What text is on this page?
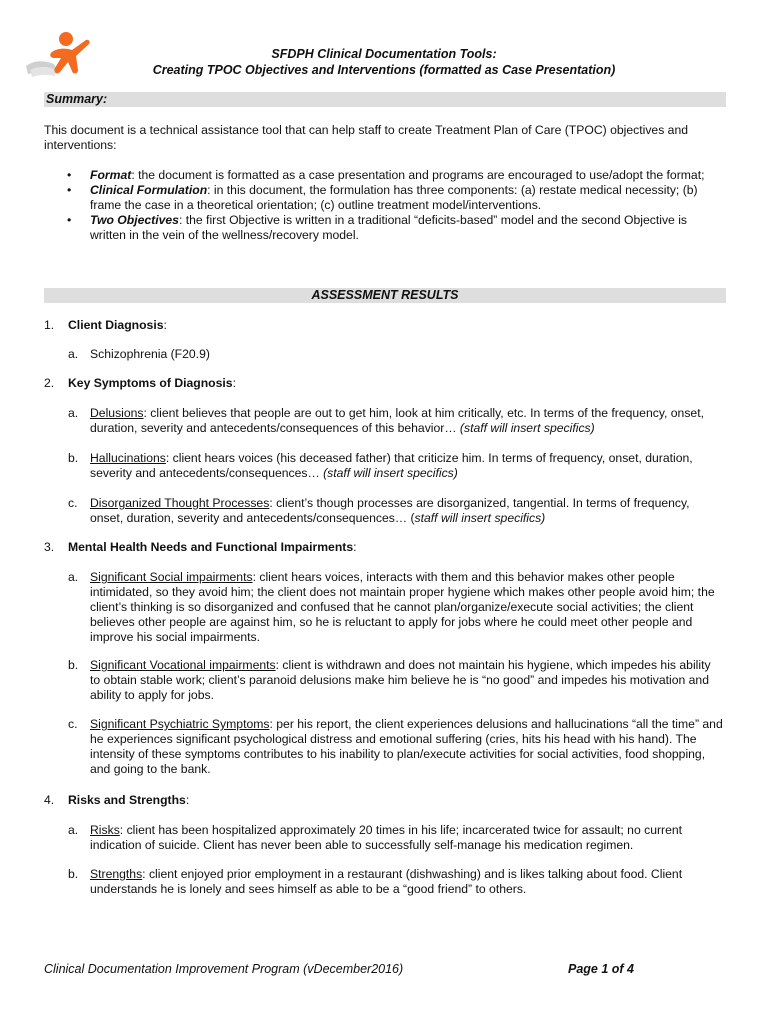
SFDPH Clinical Documentation Tools:
Creating TPOC Objectives and Interventions (formatted as Case Presentation)
Summary:
This document is a technical assistance tool that can help staff to create Treatment Plan of Care (TPOC) objectives and interventions:
• Format: the document is formatted as a case presentation and programs are encouraged to use/adopt the format;
• Clinical Formulation: in this document, the formulation has three components: (a) restate medical necessity; (b) frame the case in a theoretical orientation; (c) outline treatment model/interventions.
• Two Objectives: the first Objective is written in a traditional “deficits-based” model and the second Objective is written in the vein of the wellness/recovery model.
ASSESSMENT RESULTS
1.	Client Diagnosis:
a. Schizophrenia (F20.9)
2.	Key Symptoms of Diagnosis:
a. Delusions: client believes that people are out to get him, look at him critically, etc. In terms of the frequency, onset, duration, severity and antecedents/consequences of this behavior… (staff will insert specifics)
b. Hallucinations: client hears voices (his deceased father) that criticize him. In terms of frequency, onset, duration, severity and antecedents/consequences… (staff will insert specifics)
c.	Disorganized Thought Processes: client’s though processes are disorganized, tangential. In terms of frequency, onset, duration, severity and antecedents/consequences… (staff will insert specifics)
3.	Mental Health Needs and Functional Impairments:
a. Significant Social impairments: client hears voices, interacts with them and this behavior makes other people intimidated, so they avoid him; the client does not maintain proper hygiene which makes other people avoid him; the client’s thinking is so disorganized and confused that he cannot plan/organize/execute social activities; the client believes other people are against him, so he is reluctant to apply for jobs where he could meet other people and improve his social impairments.
b. Significant Vocational impairments: client is withdrawn and does not maintain his hygiene, which impedes his ability to obtain stable work; client’s paranoid delusions make him believe he is “no good” and impedes his motivation and ability to apply for jobs.
c.	Significant Psychiatric Symptoms: per his report, the client experiences delusions and hallucinations “all the time” and he experiences significant psychological distress and emotional suffering (cries, hits his head with his hand). The intensity of these symptoms contributes to his inability to plan/execute activities for social activities, food shopping, and going to the bank.
4.	Risks and Strengths:
a. Risks: client has been hospitalized approximately 20 times in his life; incarcerated twice for assault; no current indication of suicide. Client has never been able to successfully self-manage his medication regimen.
b. Strengths: client enjoyed prior employment in a restaurant (dishwashing) and is likes talking about food. Client understands he is lonely and sees himself as able to be a “good friend” to others.
Clinical Documentation Improvement Program (vDecember2016)	Page 1 of 4
